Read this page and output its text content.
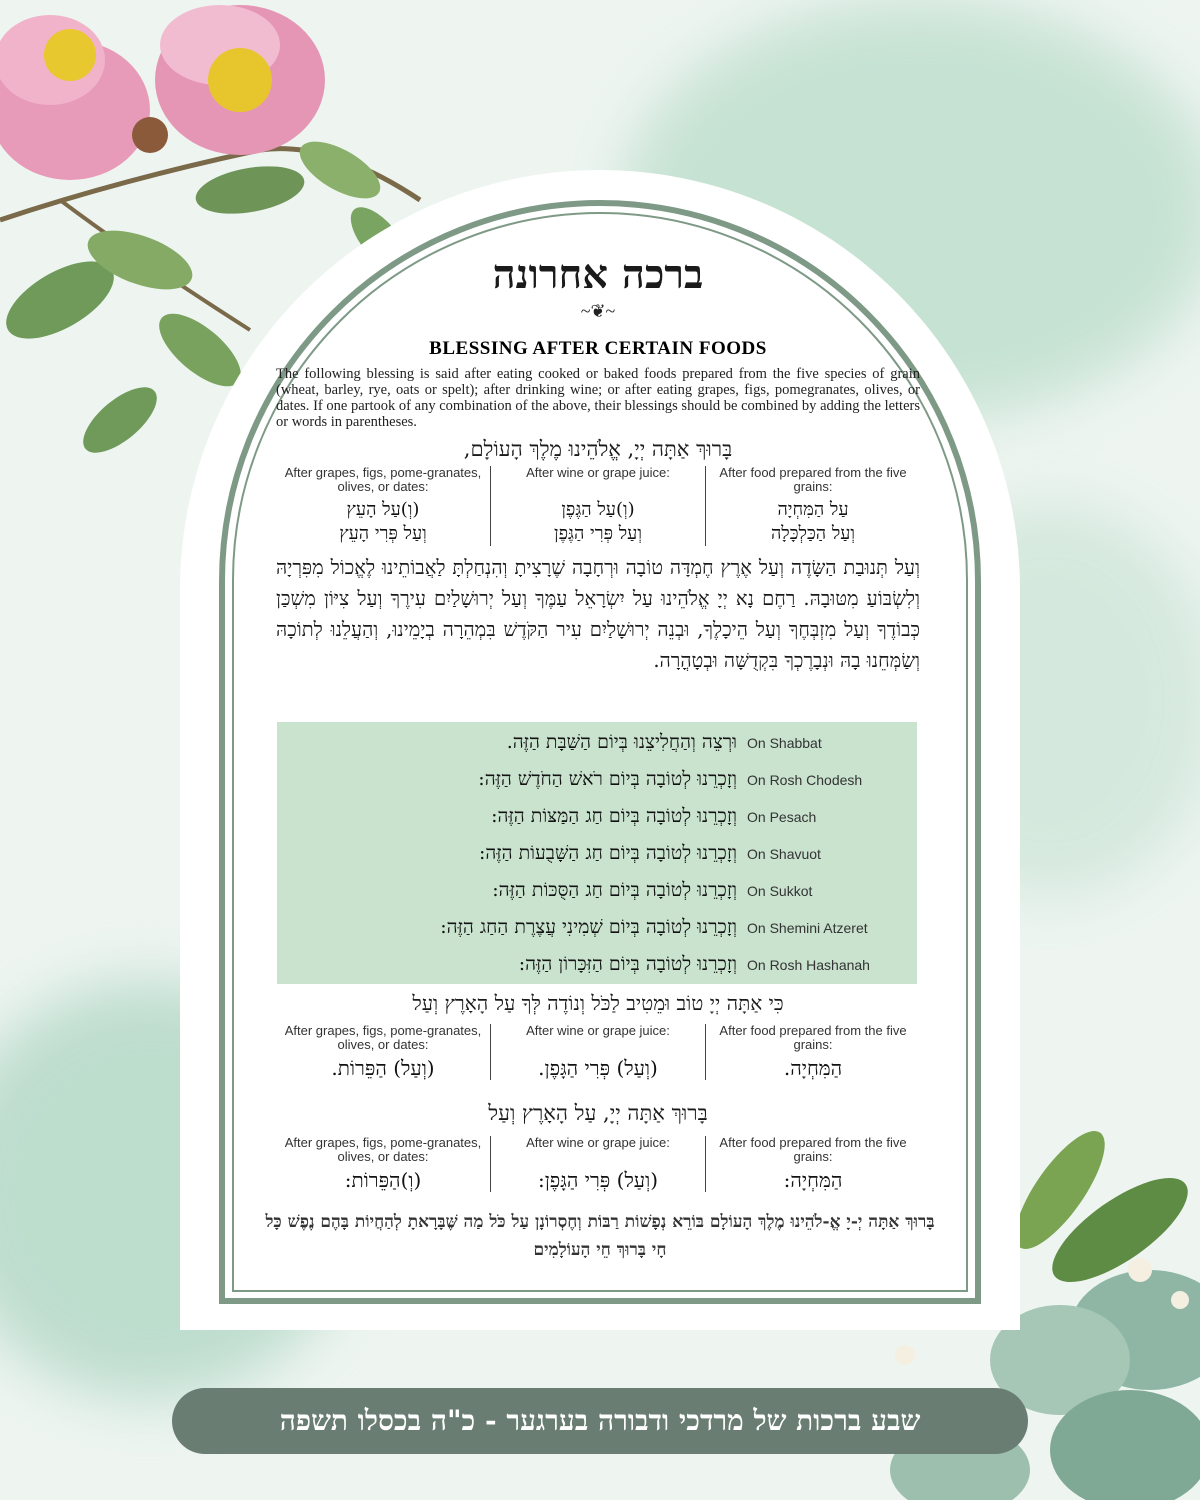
ברכה אחרונה
~❦~
BLESSING AFTER CERTAIN FOODS
The following blessing is said after eating cooked or baked foods prepared from the five species of grain (wheat, barley, rye, oats or spelt); after drinking wine; or after eating grapes, figs, pomegranates, olives, or dates. If one partook of any combination of the above, their blessings should be combined by adding the letters or words in parentheses.
בָּרוּךְ אַתָּה יְיָ, אֱלֹהֵינוּ מֶלֶךְ הָעוֹלָם,
After grapes, figs, pome-granates, olives, or dates:
(וְ)עַל הָעֵץ
וְעַל פְּרִי הָעֵץ
After wine or grape juice:
(וְ)עַל הַגֶּפֶן
וְעַל פְּרִי הַגֶּפֶן
After food prepared from the five grains:
עַל הַמִּחְיָה
וְעַל הַכַּלְכָּלָה
וְעַל תְּנוּבַת הַשָּׂדֶה וְעַל אֶרֶץ חֶמְדָּה טוֹבָה וּרְחָבָה שֶׁרָצִיתָ וְהִנְחַלְתָּ לַאֲבוֹתֵינוּ לֶאֱכוֹל מִפִּרְיָהּ וְלִשְׂבּוֹעַ מִטּוּבָהּ. רַחֶם נָא יְיָ אֱלֹהֵינוּ עַל יִשְׂרָאֵל עַמֶּךָ וְעַל יְרוּשָׁלַיִם עִירֶךָ וְעַל צִיּוֹן מִשְׁכַּן כְּבוֹדֶךָ וְעַל מִזְבְּחֶךָ וְעַל הֵיכָלֶךָ, וּבְנֵה יְרוּשָׁלַיִם עִיר הַקֹּדֶשׁ בִּמְהֵרָה בְיָמֵינוּ, וְהַעֲלֵנוּ לְתוֹכָהּ וְשַׂמְּחֵנוּ בָהּ וּנְבָרֶכְךָ בִּקְדֻשָּׁה וּבְטָהֳרָה.
וּרְצֵה וְהַחֲלִיצֵנוּ בְּיוֹם הַשַּׁבָּת הַזֶּה. On Shabbat
וְזָכְרֵנוּ לְטוֹבָה בְּיוֹם רֹאשׁ הַחֹדֶשׁ הַזֶּה: On Rosh Chodesh
וְזָכְרֵנוּ לְטוֹבָה בְּיוֹם חַג הַמַּצּוֹת הַזֶּה: On Pesach
וְזָכְרֵנוּ לְטוֹבָה בְּיוֹם חַג הַשָּׁבֻעוֹת הַזֶּה: On Shavuot
וְזָכְרֵנוּ לְטוֹבָה בְּיוֹם חַג הַסֻּכּוֹת הַזֶּה: On Sukkot
וְזָכְרֵנוּ לְטוֹבָה בְּיוֹם שְׁמִינִי עֲצֶרֶת הַחַג הַזֶּה: On Shemini Atzeret
וְזָכְרֵנוּ לְטוֹבָה בְּיוֹם הַזִּכָּרוֹן הַזֶּה: On Rosh Hashanah
כִּי אַתָּה יְיָ טוֹב וּמֵטִיב לַכֹּל וְנוֹדֶה לְּךָ עַל הָאָרֶץ וְעַל
After grapes, figs, pome-granates, olives, or dates:
(וְעַל) הַפֵּרוֹת.
After wine or grape juice:
(וְעַל) פְּרִי הַגָּפֶן.
After food prepared from the five grains:
הַמִּחְיָה.
בָּרוּךְ אַתָּה יְיָ, עַל הָאָרֶץ וְעַל
After grapes, figs, pome-granates, olives, or dates:
(וְ)הַפֵּרוֹת:
After wine or grape juice:
(וְעַל) פְּרִי הַגָּפֶן:
After food prepared from the five grains:
הַמִּחְיָה:
בָּרוּךְ אַתָּה יְ-יָ אֱ-לֹהֵינוּ מֶלֶךְ הָעוֹלָם בּוֹרֵא נְפָשׁוֹת רַבּוֹת וְחֶסְרוֹנָן עַל כֹּל מַה שֶּׁבָּרָאתָ לְהַחֲיוֹת בָּהֶם נֶפֶשׁ כָּל חָי בָּרוּךְ חֵי הָעוֹלָמִים
שבע ברכות של מרדכי ודבורה בערגער - כ"ה בכסלו תשפה
